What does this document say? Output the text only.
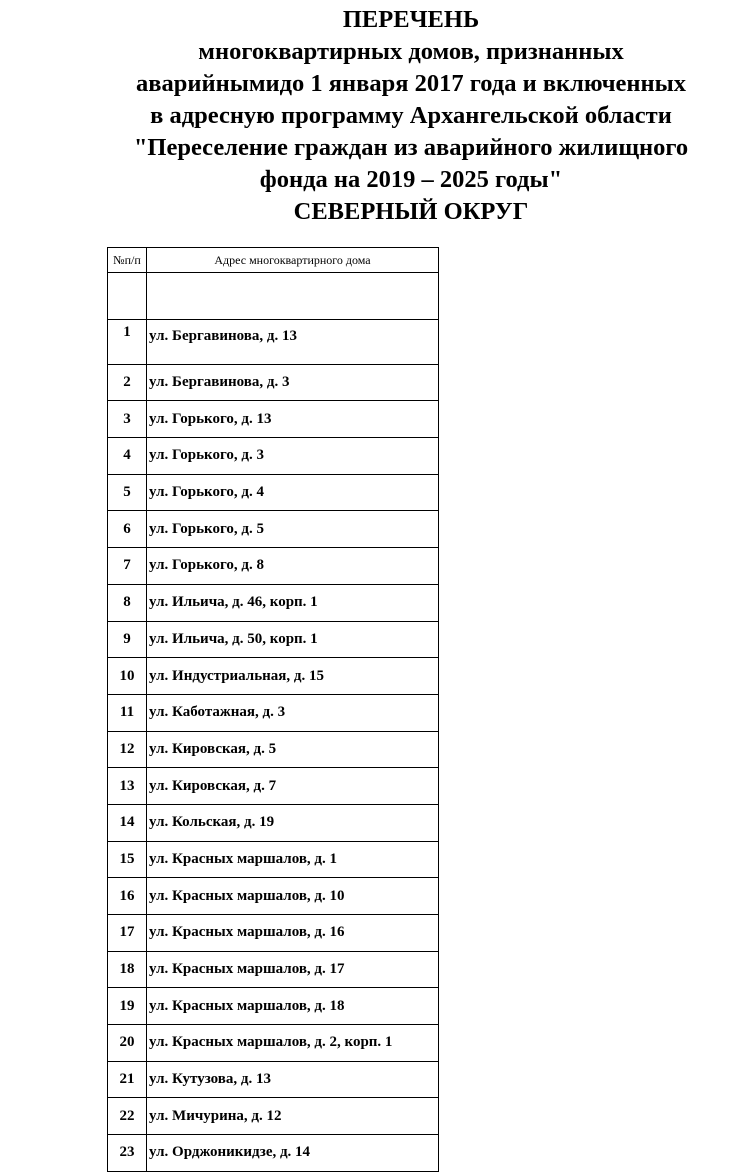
ПЕРЕЧЕНЬ
многоквартирных домов, признанных
аварийнымидо 1 января 2017 года и включенных
в адресную программу Архангельской области
"Переселение граждан из аварийного жилищного
фонда на 2019 – 2025 годы"
СЕВЕРНЫЙ ОКРУГ
№п/п	Адрес многоквартирного дома

1	ул. Бергавинова, д. 13
2	ул. Бергавинова, д. 3
3	ул. Горького, д. 13
4	ул. Горького, д. 3
5	ул. Горького, д. 4
6	ул. Горького, д. 5
7	ул. Горького, д. 8
8	ул. Ильича, д. 46, корп. 1
9	ул. Ильича, д. 50, корп. 1
10	ул. Индустриальная, д. 15
11	ул. Каботажная, д. 3
12	ул. Кировская, д. 5
13	ул. Кировская, д. 7
14	ул. Кольская, д. 19
15	ул. Красных маршалов, д. 1
16	ул. Красных маршалов, д. 10
17	ул. Красных маршалов, д. 16
18	ул. Красных маршалов, д. 17
19	ул. Красных маршалов, д. 18
20	ул. Красных маршалов, д. 2, корп. 1
21	ул. Кутузова, д. 13
22	ул. Мичурина, д. 12
23	ул. Орджоникидзе, д. 14
